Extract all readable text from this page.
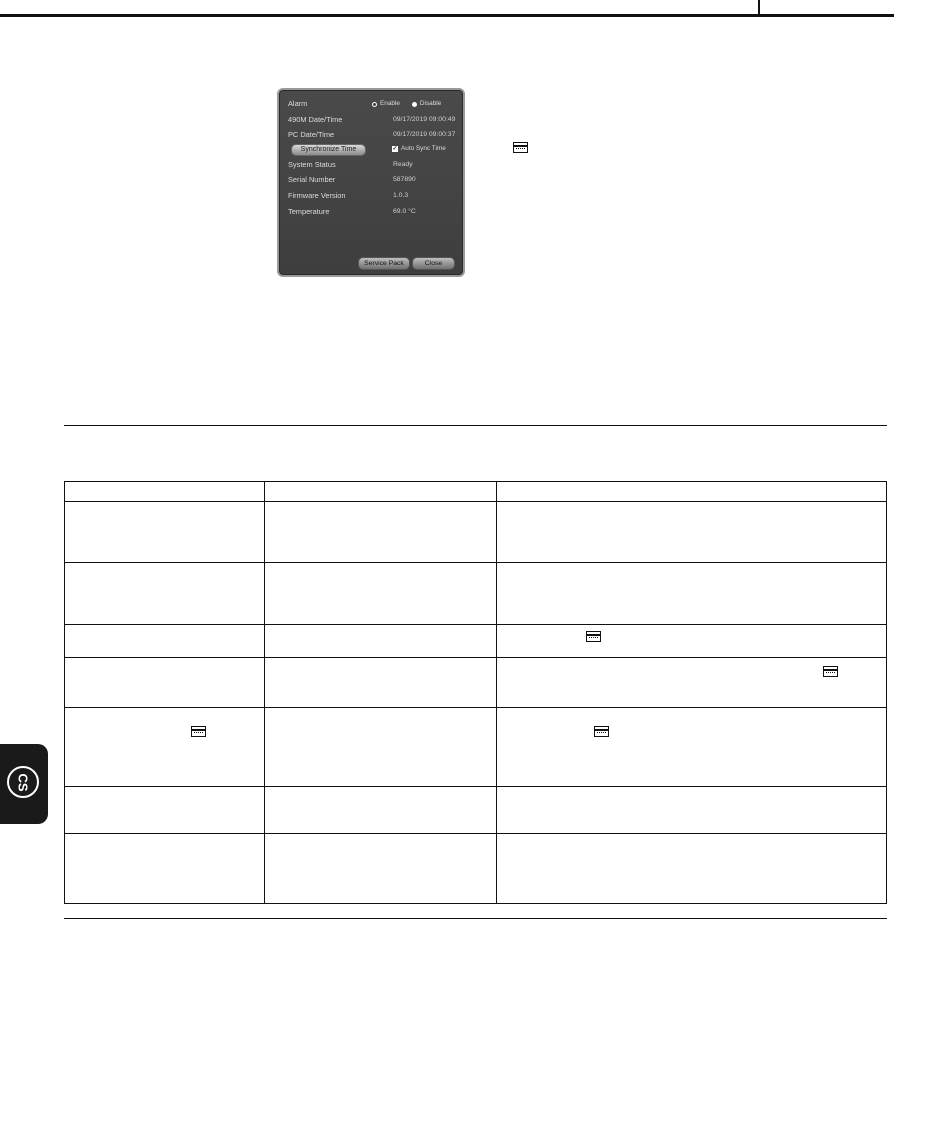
Alarm	Enable	Disable
490M Date/Time	09/17/2019 09:00:49
PC Date/Time	09/17/2019 09:00:37
Synchronize Time	✓ Auto Sync Time
System Status	Ready
Serial Number	587890
Firmware Version	1.0.3
Temperature	69.0 °C
Service Pack	Close

CS
